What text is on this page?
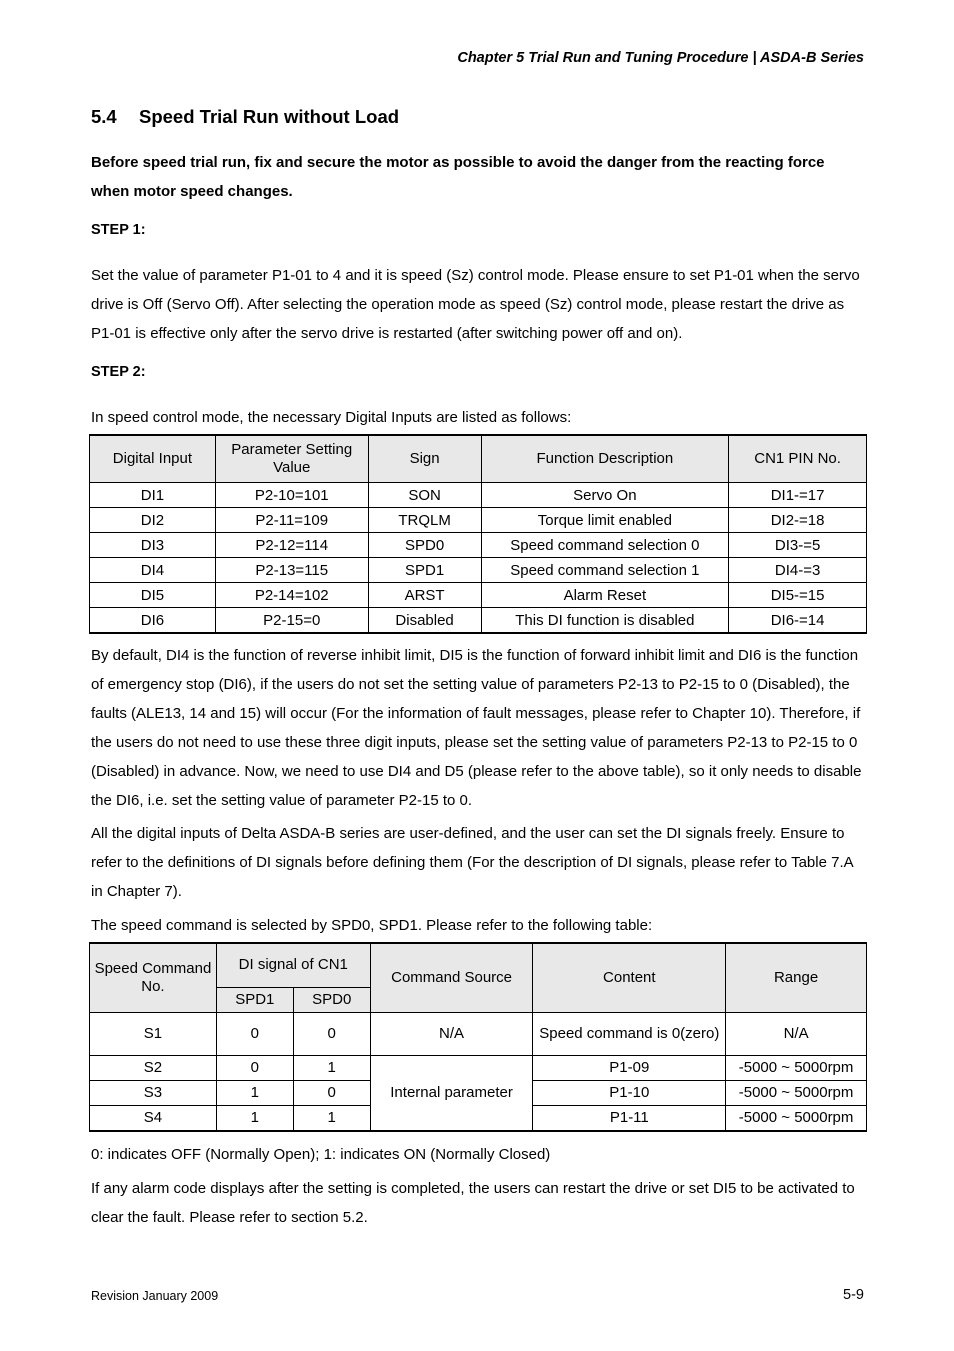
Chapter 5 Trial Run and Tuning Procedure | ASDA-B Series
5.4 Speed Trial Run without Load
Before speed trial run, fix and secure the motor as possible to avoid the danger from the reacting force when motor speed changes.
STEP 1:
Set the value of parameter P1-01 to 4 and it is speed (Sz) control mode. Please ensure to set P1-01 when the servo drive is Off (Servo Off). After selecting the operation mode as speed (Sz) control mode, please restart the drive as P1-01 is effective only after the servo drive is restarted (after switching power off and on).
STEP 2:
In speed control mode, the necessary Digital Inputs are listed as follows:
Digital Input	Parameter Setting Value	Sign	Function Description	CN1 PIN No.
DI1	P2-10=101	SON	Servo On	DI1-=17
DI2	P2-11=109	TRQLM	Torque limit enabled	DI2-=18
DI3	P2-12=114	SPD0	Speed command selection 0	DI3-=5
DI4	P2-13=115	SPD1	Speed command selection 1	DI4-=3
DI5	P2-14=102	ARST	Alarm Reset	DI5-=15
DI6	P2-15=0	Disabled	This DI function is disabled	DI6-=14
By default, DI4 is the function of reverse inhibit limit, DI5 is the function of forward inhibit limit and DI6 is the function of emergency stop (DI6), if the users do not set the setting value of parameters P2-13 to P2-15 to 0 (Disabled), the faults (ALE13, 14 and 15) will occur (For the information of fault messages, please refer to Chapter 10). Therefore, if the users do not need to use these three digit inputs, please set the setting value of parameters P2-13 to P2-15 to 0 (Disabled) in advance. Now, we need to use DI4 and D5 (please refer to the above table), so it only needs to disable the DI6, i.e. set the setting value of parameter P2-15 to 0.
All the digital inputs of Delta ASDA-B series are user-defined, and the user can set the DI signals freely. Ensure to refer to the definitions of DI signals before defining them (For the description of DI signals, please refer to Table 7.A in Chapter 7).
The speed command is selected by SPD0, SPD1. Please refer to the following table:
Speed Command No.	DI signal of CN1		Command Source	Content	Range
	SPD1	SPD0			
S1	0	0	N/A	Speed command is 0(zero)	N/A
S2	0	1	Internal parameter	P1-09	-5000 ~ 5000rpm
S3	1	0		P1-10	-5000 ~ 5000rpm
S4	1	1		P1-11	-5000 ~ 5000rpm
0: indicates OFF (Normally Open); 1: indicates ON (Normally Closed)
If any alarm code displays after the setting is completed, the users can restart the drive or set DI5 to be activated to clear the fault. Please refer to section 5.2.
Revision January 2009	5-9
